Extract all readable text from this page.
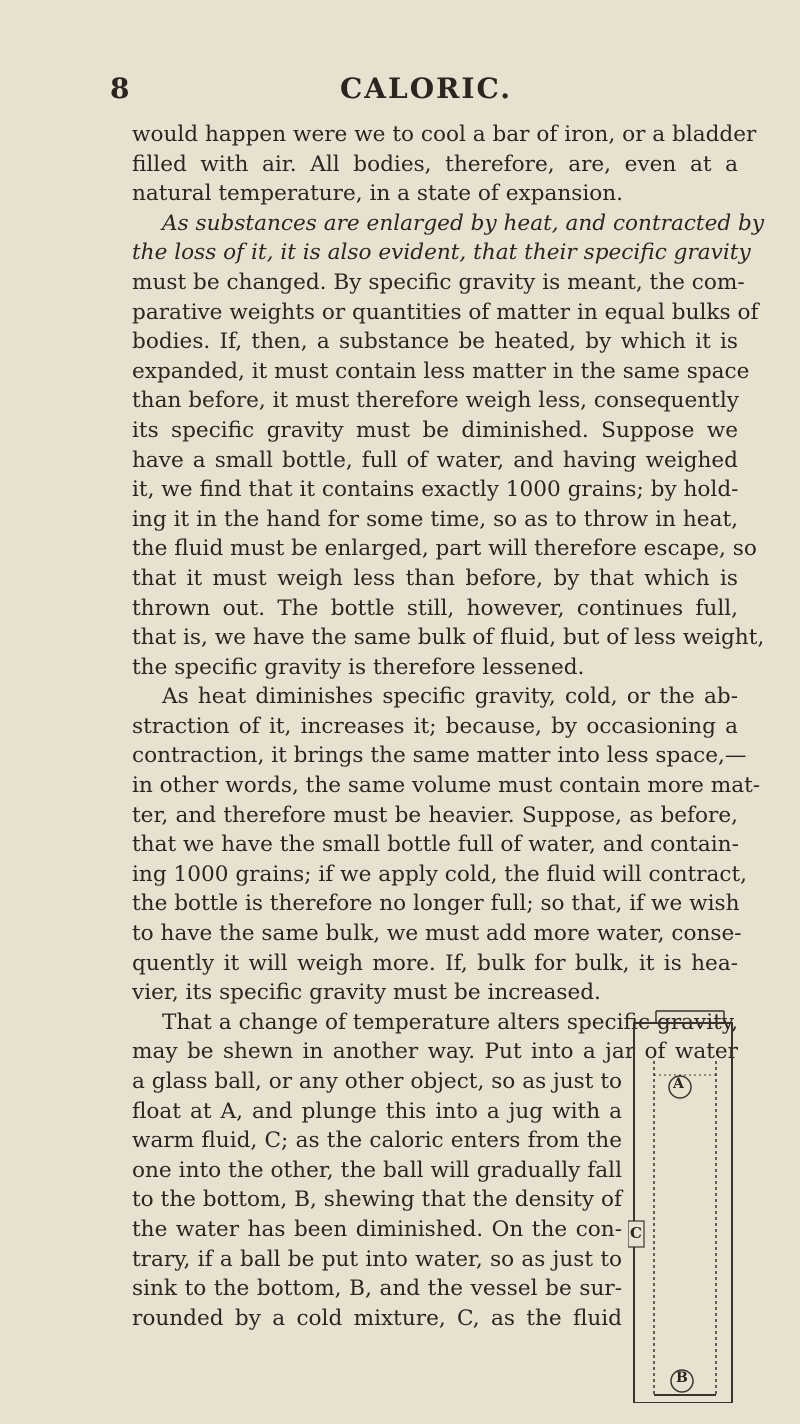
8	CALORIC.
would happen were we to cool a bar of iron, or a bladder
filled with air. All bodies, therefore, are, even at a
natural temperature, in a state of expansion.
As substances are enlarged by heat, and contracted by
the loss of it, it is also evident, that their specific gravity
must be changed. By specific gravity is meant, the com-
parative weights or quantities of matter in equal bulks of
bodies. If, then, a substance be heated, by which it is
expanded, it must contain less matter in the same space
than before, it must therefore weigh less, consequently
its specific gravity must be diminished. Suppose we
have a small bottle, full of water, and having weighed
it, we find that it contains exactly 1000 grains; by hold-
ing it in the hand for some time, so as to throw in heat,
the fluid must be enlarged, part will therefore escape, so
that it must weigh less than before, by that which is
thrown out. The bottle still, however, continues full,
that is, we have the same bulk of fluid, but of less weight,
the specific gravity is therefore lessened.
As heat diminishes specific gravity, cold, or the ab-
straction of it, increases it; because, by occasioning a
contraction, it brings the same matter into less space,—
in other words, the same volume must contain more mat-
ter, and therefore must be heavier. Suppose, as before,
that we have the small bottle full of water, and contain-
ing 1000 grains; if we apply cold, the fluid will contract,
the bottle is therefore no longer full; so that, if we wish
to have the same bulk, we must add more water, conse-
quently it will weigh more. If, bulk for bulk, it is hea-
vier, its specific gravity must be increased.
That a change of temperature alters specific gravity,
may be shewn in another way. Put into a jar of water
a glass ball, or any other object, so as just to
float at A, and plunge this into a jug with a
warm fluid, C; as the caloric enters from the
one into the other, the ball will gradually fall
to the bottom, B, shewing that the density of
the water has been diminished. On the con-
trary, if a ball be put into water, so as just to
sink to the bottom, B, and the vessel be sur-
rounded by a cold mixture, C, as the fluid
A
B
C
